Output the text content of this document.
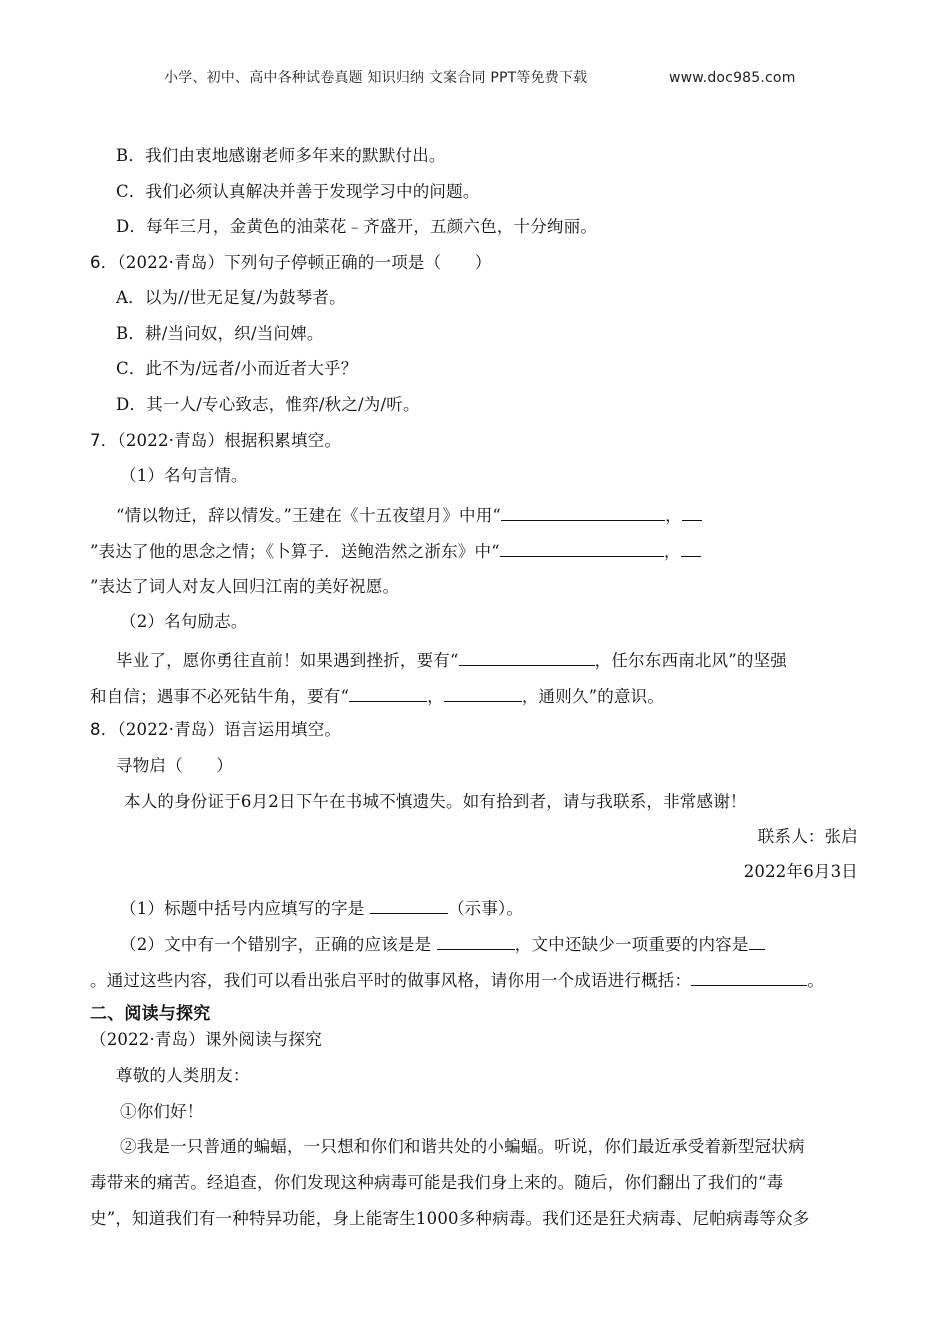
小学、初中、高中各种试卷真题 知识归纳 文案合同 PPT等免费下载	www.doc985.com
B．我们由衷地感谢老师多年来的默默付出。
C．我们必须认真解决并善于发现学习中的问题。
D．每年三月，金黄色的油菜花﹣齐盛开，五颜六色，十分绚丽。
6．（2022·青岛）下列句子停顿正确的一项是（　　）
A．以为//世无足复/为鼓琴者。
B．耕/当问奴，织/当问婢。
C．此不为/远者/小而近者大乎？
D．其一人/专心致志，惟弈/秋之/为/听。
7．（2022·青岛）根据积累填空。
（1）名句言情。
“情以物迁，辞以情发。”王建在《十五夜望月》中用“	，
”表达了他的思念之情；《卜算子．送鲍浩然之浙东》中“	，
”表达了词人对友人回归江南的美好祝愿。
（2）名句励志。
毕业了，愿你勇往直前！如果遇到挫折，要有“	，任尔东西南北风”的坚强
和自信；遇事不必死钻牛角，要有“	，	，通则久”的意识。
8．（2022·青岛）语言运用填空。
寻物启（　　）
本人的身份证于6月2日下午在书城不慎遗失。如有拾到者，请与我联系，非常感谢！
联系人：张启
2022年6月3日
（1）标题中括号内应填写的字是	（示事）。
（2）文中有一个错别字，正确的应该是是	，文中还缺少一项重要的内容是
。通过这些内容，我们可以看出张启平时的做事风格，请你用一个成语进行概括：	。
二、阅读与探究
（2022·青岛）课外阅读与探究
尊敬的人类朋友：
①你们好！
②我是一只普通的蝙蝠，一只想和你们和谐共处的小蝙蝠。听说，你们最近承受着新型冠状病
毒带来的痛苦。经追查，你们发现这种病毒可能是我们身上来的。随后，你们翻出了我们的“毒
史”，知道我们有一种特异功能，身上能寄生1000多种病毒。我们还是狂犬病毒、尼帕病毒等众多
